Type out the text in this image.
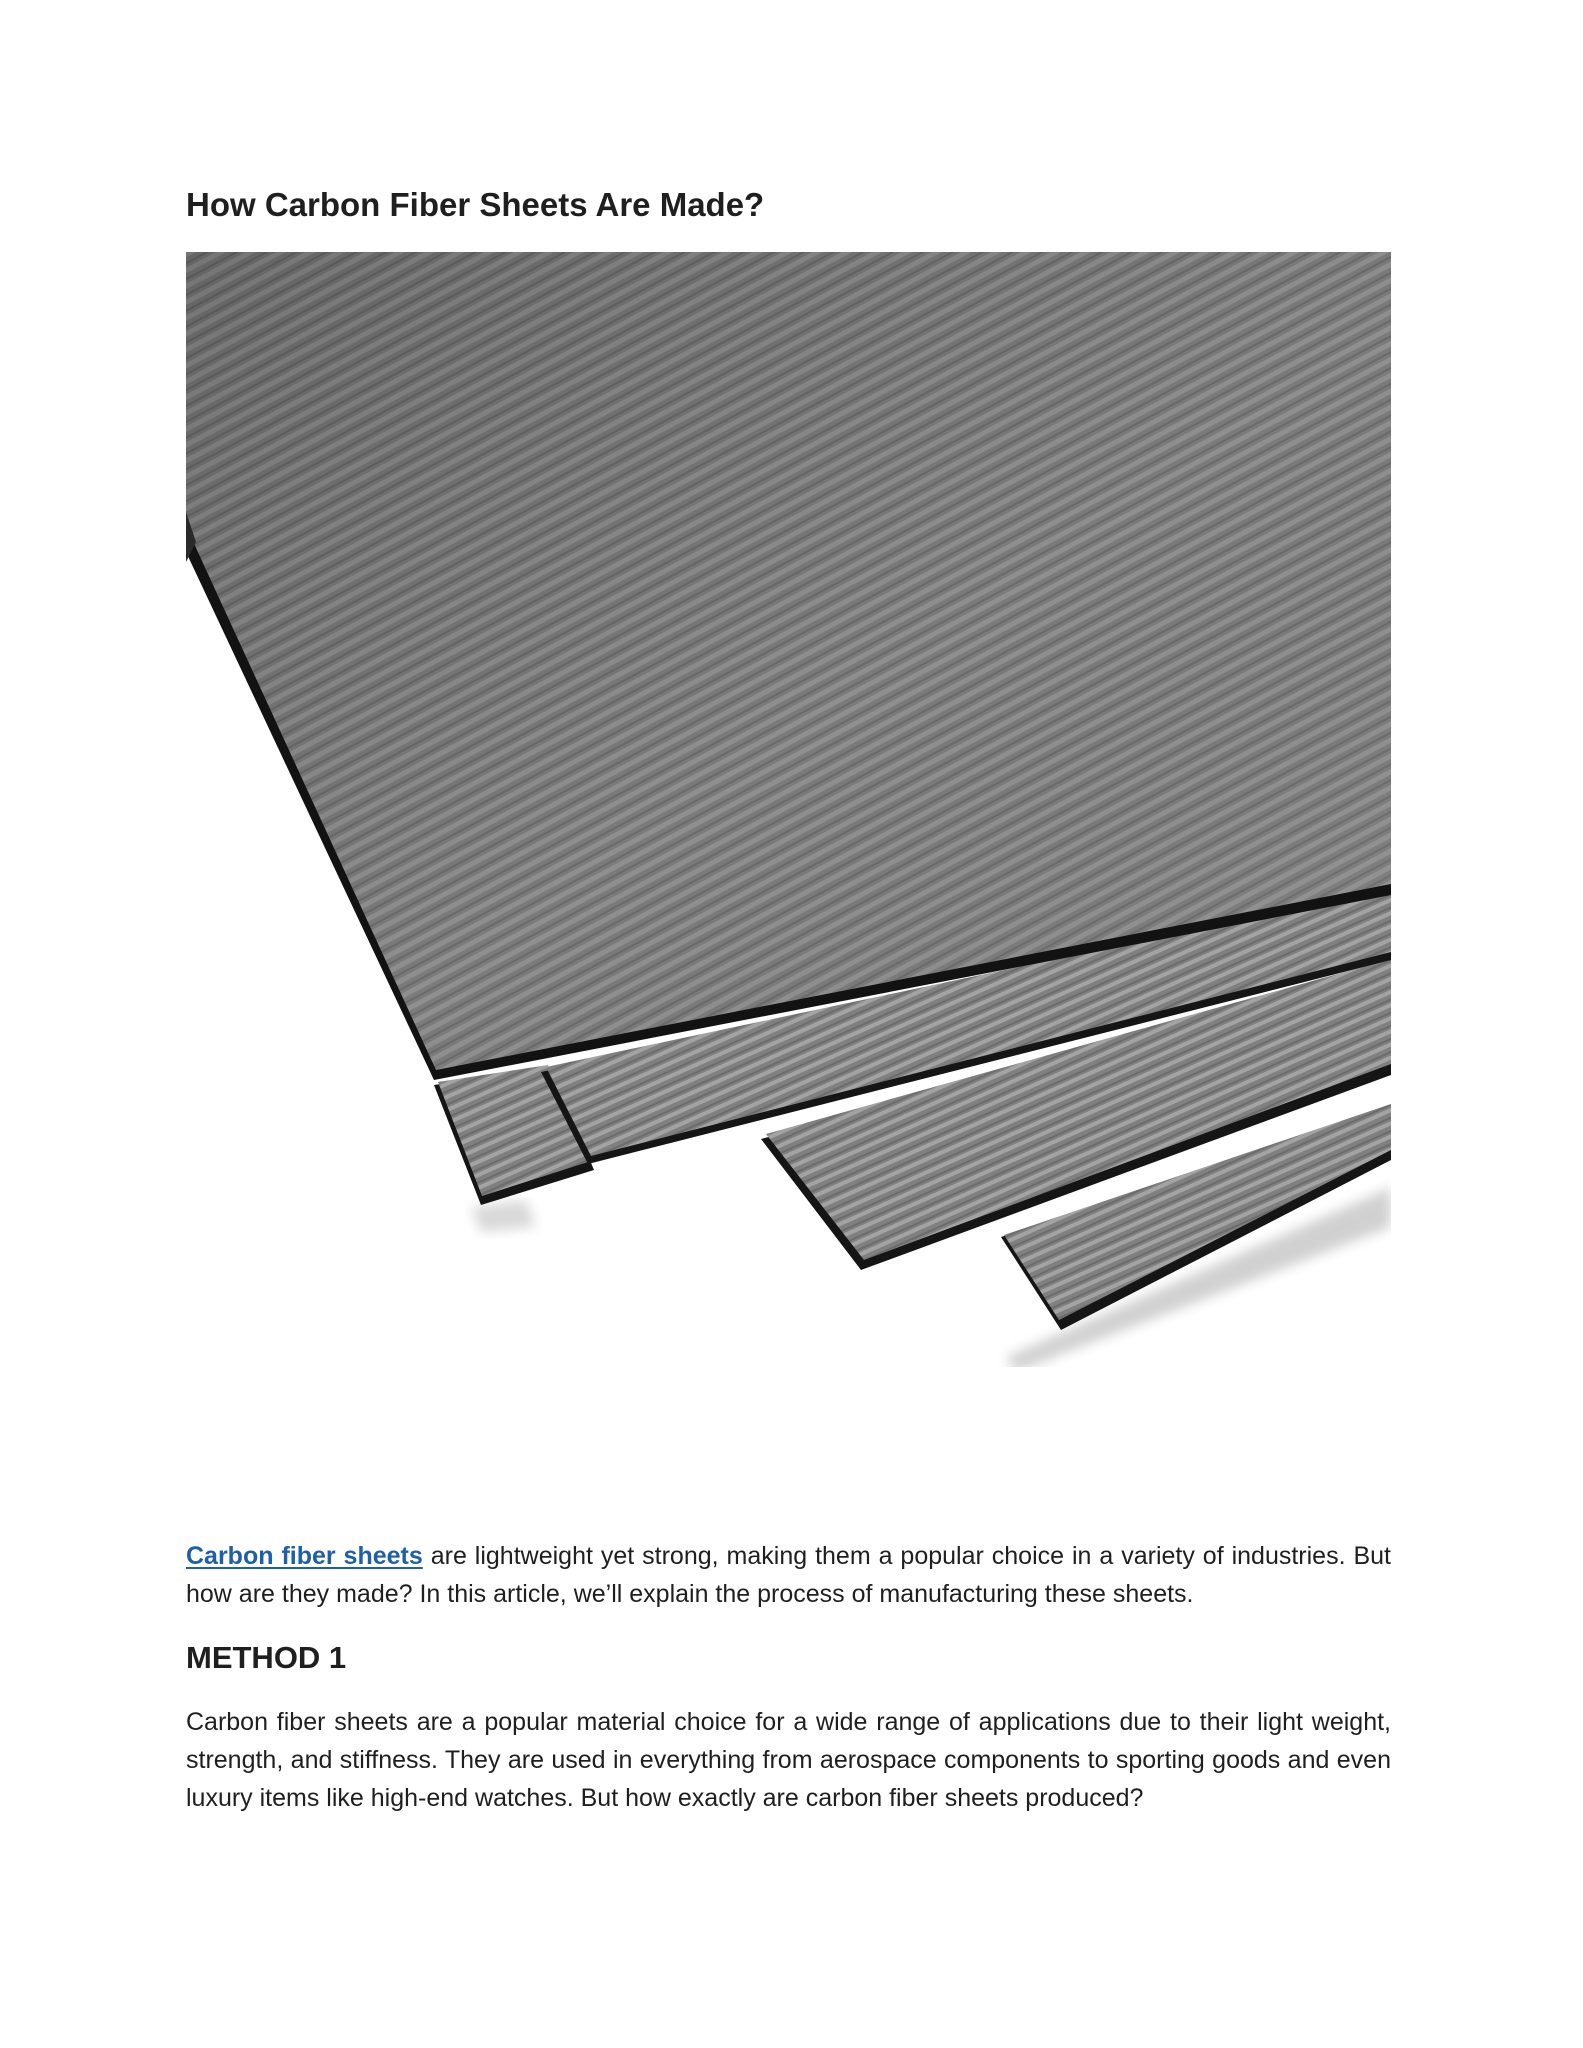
How Carbon Fiber Sheets Are Made?

Carbon fiber sheets are lightweight yet strong, making them a popular choice in a variety of industries. But how are they made? In this article, we’ll explain the process of manufacturing these sheets.

METHOD 1

Carbon fiber sheets are a popular material choice for a wide range of applications due to their light weight, strength, and stiffness. They are used in everything from aerospace components to sporting goods and even luxury items like high-end watches. But how exactly are carbon fiber sheets produced?
